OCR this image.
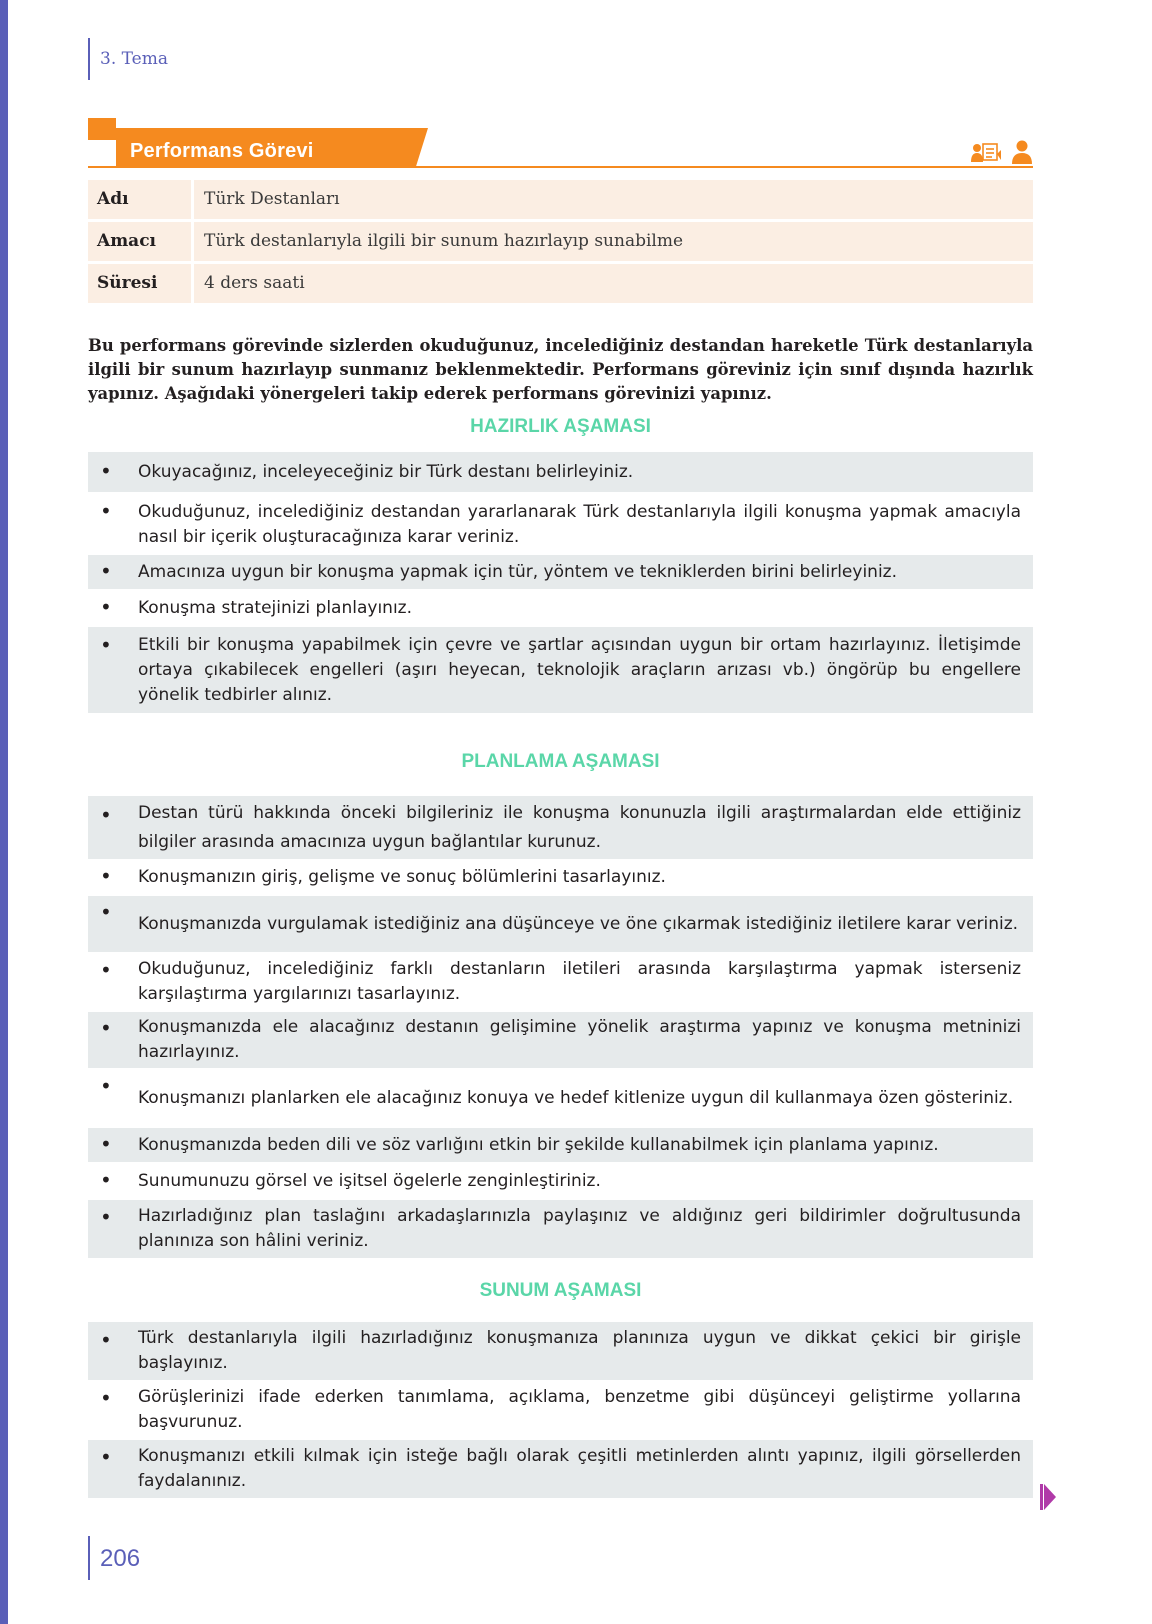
3. Tema
Performans Görevi
Adı	Türk Destanları
Amacı	Türk destanlarıyla ilgili bir sunum hazırlayıp sunabilme
Süresi	4 ders saati
Bu performans görevinde sizlerden okuduğunuz, incelediğiniz destandan hareketle Türk destanlarıyla ilgili bir sunum hazırlayıp sunmanız beklenmektedir. Performans göreviniz için sınıf dışında hazırlık yapınız. Aşağıdaki yönergeleri takip ederek performans görevinizi yapınız.
HAZIRLIK AŞAMASI
• Okuyacağınız, inceleyeceğiniz bir Türk destanı belirleyiniz.
• Okuduğunuz, incelediğiniz destandan yararlanarak Türk destanlarıyla ilgili konuşma yapmak amacıyla nasıl bir içerik oluşturacağınıza karar veriniz.
• Amacınıza uygun bir konuşma yapmak için tür, yöntem ve tekniklerden birini belirleyiniz.
• Konuşma stratejinizi planlayınız.
• Etkili bir konuşma yapabilmek için çevre ve şartlar açısından uygun bir ortam hazırlayınız. İletişimde ortaya çıkabilecek engelleri (aşırı heyecan, teknolojik araçların arızası vb.) öngörüp bu engellere yönelik tedbirler alınız.
PLANLAMA AŞAMASI
• Destan türü hakkında önceki bilgileriniz ile konuşma konunuzla ilgili araştırmalardan elde ettiğiniz bilgiler arasında amacınıza uygun bağlantılar kurunuz.
• Konuşmanızın giriş, gelişme ve sonuç bölümlerini tasarlayınız.
• Konuşmanızda vurgulamak istediğiniz ana düşünceye ve öne çıkarmak istediğiniz iletilere karar veriniz.
• Okuduğunuz, incelediğiniz farklı destanların iletileri arasında karşılaştırma yapmak isterseniz karşılaştırma yargılarınızı tasarlayınız.
• Konuşmanızda ele alacağınız destanın gelişimine yönelik araştırma yapınız ve konuşma metninizi hazırlayınız.
• Konuşmanızı planlarken ele alacağınız konuya ve hedef kitlenize uygun dil kullanmaya özen gösteriniz.
• Konuşmanızda beden dili ve söz varlığını etkin bir şekilde kullanabilmek için planlama yapınız.
• Sunumunuzu görsel ve işitsel ögelerle zenginleştiriniz.
• Hazırladığınız plan taslağını arkadaşlarınızla paylaşınız ve aldığınız geri bildirimler doğrultusunda planınıza son hâlini veriniz.
SUNUM AŞAMASI
• Türk destanlarıyla ilgili hazırladığınız konuşmanıza planınıza uygun ve dikkat çekici bir girişle başlayınız.
• Görüşlerinizi ifade ederken tanımlama, açıklama, benzetme gibi düşünceyi geliştirme yollarına başvurunuz.
• Konuşmanızı etkili kılmak için isteğe bağlı olarak çeşitli metinlerden alıntı yapınız, ilgili görsellerden faydalanınız.
206
